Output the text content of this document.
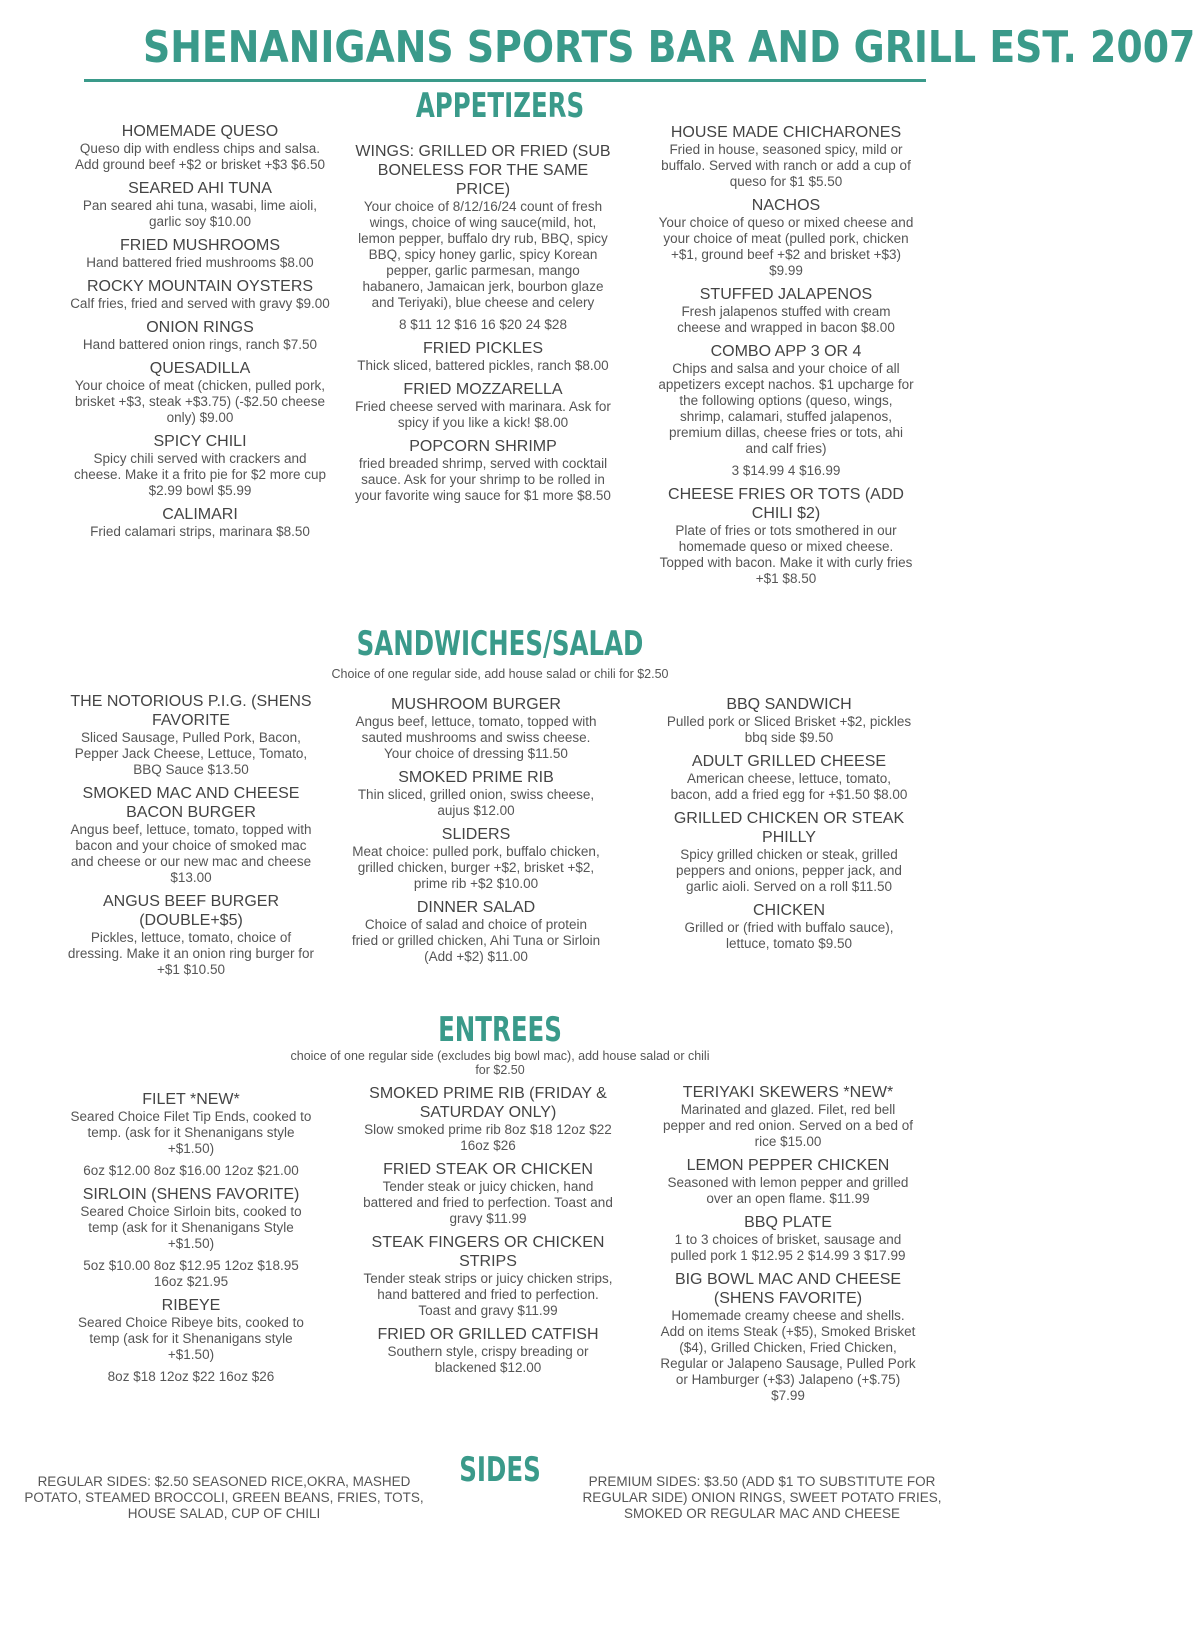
SHENANIGANS SPORTS BAR AND GRILL EST. 2007
APPETIZERS
HOMEMADE QUESO
Queso dip with endless chips and salsa. Add ground beef +$2 or brisket +$3 $6.50
SEARED AHI TUNA
Pan seared ahi tuna, wasabi, lime aioli, garlic soy $10.00
FRIED MUSHROOMS
Hand battered fried mushrooms $8.00
ROCKY MOUNTAIN OYSTERS
Calf fries, fried and served with gravy $9.00
ONION RINGS
Hand battered onion rings, ranch $7.50
QUESADILLA
Your choice of meat (chicken, pulled pork, brisket +$3, steak +$3.75) (-$2.50 cheese only) $9.00
SPICY CHILI
Spicy chili served with crackers and cheese. Make it a frito pie for $2 more cup $2.99 bowl $5.99
CALIMARI
Fried calamari strips, marinara $8.50
WINGS: GRILLED OR FRIED (SUB BONELESS FOR THE SAME PRICE)
Your choice of 8/12/16/24 count of fresh wings, choice of wing sauce(mild, hot, lemon pepper, buffalo dry rub, BBQ, spicy BBQ, spicy honey garlic, spicy Korean pepper, garlic parmesan, mango habanero, Jamaican jerk, bourbon glaze and Teriyaki), blue cheese and celery
8 $11 12 $16 16 $20 24 $28
FRIED PICKLES
Thick sliced, battered pickles, ranch $8.00
FRIED MOZZARELLA
Fried cheese served with marinara. Ask for spicy if you like a kick! $8.00
POPCORN SHRIMP
fried breaded shrimp, served with cocktail sauce. Ask for your shrimp to be rolled in your favorite wing sauce for $1 more $8.50
HOUSE MADE CHICHARONES
Fried in house, seasoned spicy, mild or buffalo. Served with ranch or add a cup of queso for $1 $5.50
NACHOS
Your choice of queso or mixed cheese and your choice of meat (pulled pork, chicken +$1, ground beef +$2 and brisket +$3) $9.99
STUFFED JALAPENOS
Fresh jalapenos stuffed with cream cheese and wrapped in bacon $8.00
COMBO APP 3 OR 4
Chips and salsa and your choice of all appetizers except nachos. $1 upcharge for the following options (queso, wings, shrimp, calamari, stuffed jalapenos, premium dillas, cheese fries or tots, ahi and calf fries)
3 $14.99 4 $16.99
CHEESE FRIES OR TOTS (ADD CHILI $2)
Plate of fries or tots smothered in our homemade queso or mixed cheese. Topped with bacon. Make it with curly fries +$1 $8.50
SANDWICHES/SALAD
Choice of one regular side, add house salad or chili for $2.50
THE NOTORIOUS P.I.G. (SHENS FAVORITE
Sliced Sausage, Pulled Pork, Bacon, Pepper Jack Cheese, Lettuce, Tomato, BBQ Sauce $13.50
SMOKED MAC AND CHEESE BACON BURGER
Angus beef, lettuce, tomato, topped with bacon and your choice of smoked mac and cheese or our new mac and cheese $13.00
ANGUS BEEF BURGER (DOUBLE+$5)
Pickles, lettuce, tomato, choice of dressing. Make it an onion ring burger for +$1 $10.50
MUSHROOM BURGER
Angus beef, lettuce, tomato, topped with sauted mushrooms and swiss cheese. Your choice of dressing $11.50
SMOKED PRIME RIB
Thin sliced, grilled onion, swiss cheese, aujus $12.00
SLIDERS
Meat choice: pulled pork, buffalo chicken, grilled chicken, burger +$2, brisket +$2, prime rib +$2 $10.00
DINNER SALAD
Choice of salad and choice of protein fried or grilled chicken, Ahi Tuna or Sirloin (Add +$2) $11.00
BBQ SANDWICH
Pulled pork or Sliced Brisket +$2, pickles bbq side $9.50
ADULT GRILLED CHEESE
American cheese, lettuce, tomato, bacon, add a fried egg for +$1.50 $8.00
GRILLED CHICKEN OR STEAK PHILLY
Spicy grilled chicken or steak, grilled peppers and onions, pepper jack, and garlic aioli. Served on a roll $11.50
CHICKEN
Grilled or (fried with buffalo sauce), lettuce, tomato $9.50
ENTREES
choice of one regular side (excludes big bowl mac), add house salad or chili for $2.50
FILET *NEW*
Seared Choice Filet Tip Ends, cooked to temp. (ask for it Shenanigans style +$1.50)
6oz $12.00 8oz $16.00 12oz $21.00
SIRLOIN (SHENS FAVORITE)
Seared Choice Sirloin bits, cooked to temp (ask for it Shenanigans Style +$1.50)
5oz $10.00 8oz $12.95 12oz $18.95 16oz $21.95
RIBEYE
Seared Choice Ribeye bits, cooked to temp (ask for it Shenanigans style +$1.50)
8oz $18 12oz $22 16oz $26
SMOKED PRIME RIB (FRIDAY & SATURDAY ONLY)
Slow smoked prime rib 8oz $18 12oz $22 16oz $26
FRIED STEAK OR CHICKEN
Tender steak or juicy chicken, hand battered and fried to perfection. Toast and gravy $11.99
STEAK FINGERS OR CHICKEN STRIPS
Tender steak strips or juicy chicken strips, hand battered and fried to perfection. Toast and gravy $11.99
FRIED OR GRILLED CATFISH
Southern style, crispy breading or blackened $12.00
TERIYAKI SKEWERS *NEW*
Marinated and glazed. Filet, red bell pepper and red onion. Served on a bed of rice $15.00
LEMON PEPPER CHICKEN
Seasoned with lemon pepper and grilled over an open flame. $11.99
BBQ PLATE
1 to 3 choices of brisket, sausage and pulled pork 1 $12.95 2 $14.99 3 $17.99
BIG BOWL MAC AND CHEESE (SHENS FAVORITE)
Homemade creamy cheese and shells. Add on items Steak (+$5), Smoked Brisket ($4), Grilled Chicken, Fried Chicken, Regular or Jalapeno Sausage, Pulled Pork or Hamburger (+$3) Jalapeno (+$.75) $7.99
SIDES
REGULAR SIDES: $2.50 SEASONED RICE,OKRA, MASHED POTATO, STEAMED BROCCOLI, GREEN BEANS, FRIES, TOTS, HOUSE SALAD, CUP OF CHILI
PREMIUM SIDES: $3.50 (ADD $1 TO SUBSTITUTE FOR REGULAR SIDE) ONION RINGS, SWEET POTATO FRIES, SMOKED OR REGULAR MAC AND CHEESE
